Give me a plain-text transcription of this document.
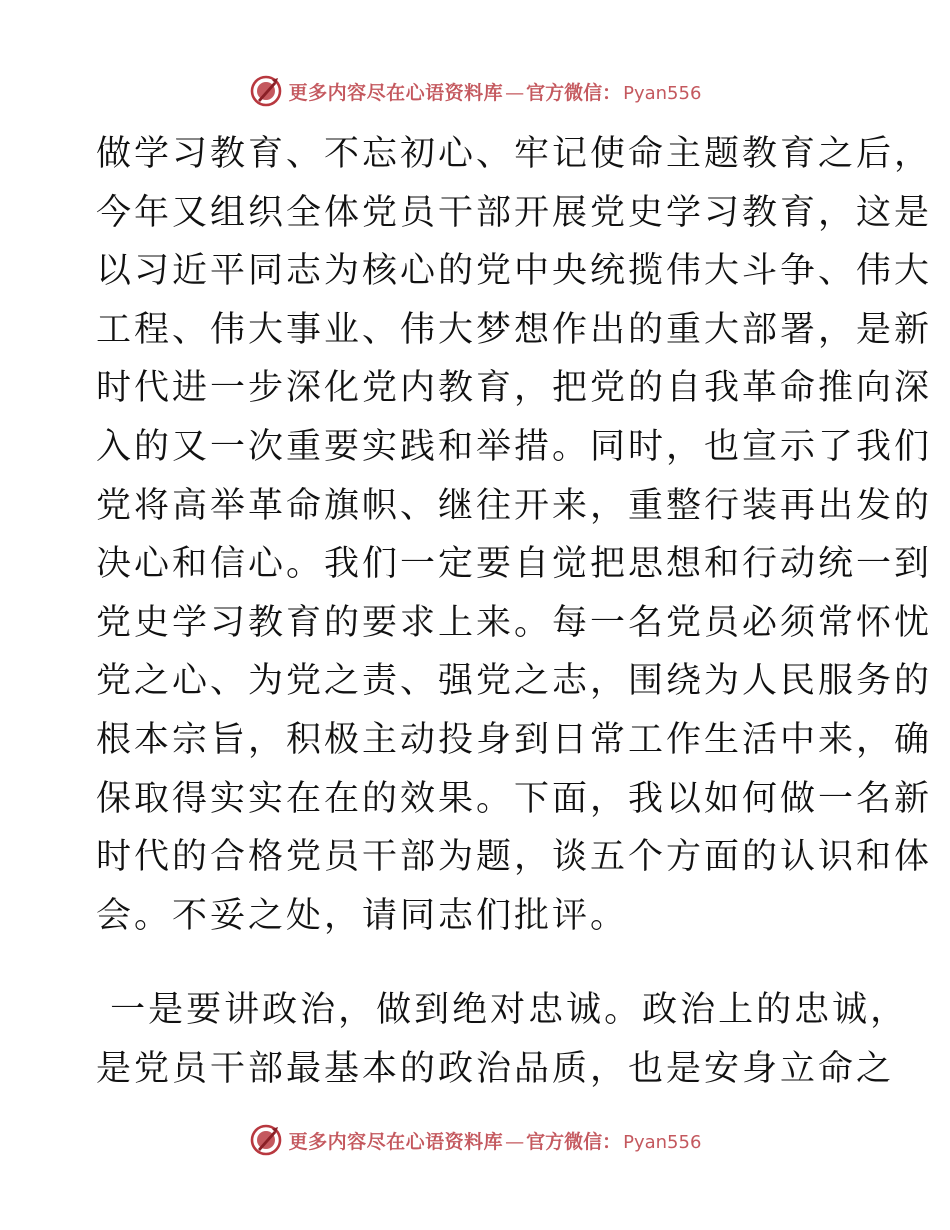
更多内容尽在心语资料库 — 官方微信： Pyan556
做学习教育、不忘初心、牢记使命主题教育之后，
今年又组织全体党员干部开展党史学习教育，这是
以习近平同志为核心的党中央统揽伟大斗争、伟大
工程、伟大事业、伟大梦想作出的重大部署，是新
时代进一步深化党内教育，把党的自我革命推向深
入的又一次重要实践和举措。同时，也宣示了我们
党将高举革命旗帜、继往开来，重整行装再出发的
决心和信心。我们一定要自觉把思想和行动统一到
党史学习教育的要求上来。每一名党员必须常怀忧
党之心、为党之责、强党之志，围绕为人民服务的
根本宗旨，积极主动投身到日常工作生活中来，确
保取得实实在在的效果。下面，我以如何做一名新
时代的合格党员干部为题，谈五个方面的认识和体
会。不妥之处，请同志们批评。
一是要讲政治，做到绝对忠诚。政治上的忠诚，
是党员干部最基本的政治品质，也是安身立命之
更多内容尽在心语资料库 — 官方微信： Pyan556
